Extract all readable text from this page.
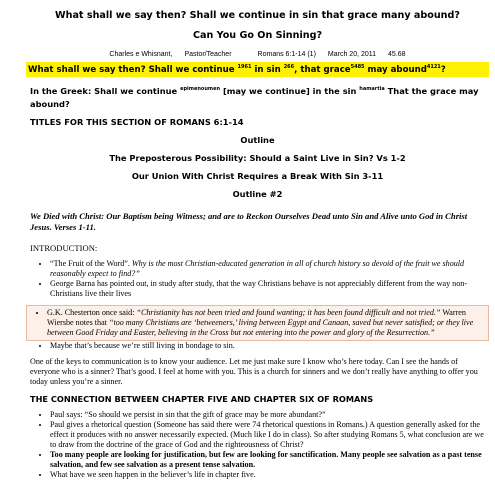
What shall we say then? Shall we continue in sin that grace many abound?
Can You Go On Sinning?
Charles e Whisnant, Pastor/Teacher	Romans 6:1-14 (1) March 20, 2011 45.68
What shall we say then? Shall we continue $^{1961}$ in sin $^{266}$, that grace$^{5485}$ may abound$^{4121}$?
In the Greek: Shall we continue $^{epimenoumen}$ [may we continue] in the sin $^{hamartia}$ That the grace may abound?
TITLES FOR THIS SECTION OF ROMANS 6:1-14
Outline
The Preposterous Possibility: Should a Saint Live in Sin? Vs 1-2
Our Union With Christ Requires a Break With Sin 3-11
Outline #2
We Died with Christ: Our Baptism being Witness; and are to Reckon Ourselves Dead unto Sin and Alive unto God in Christ Jesus. Verses 1-11.
INTRODUCTION:
• “The Fruit of the Word”. Why is the most Christian-educated generation in all of church history so devoid of the fruit we should reasonably expect to find?”
• George Barna has pointed out, in study after study, that the way Christians behave is not appreciably different from the way non-Christians live their lives
• G.K. Chesterton once said: “Christianity has not been tried and found wanting; it has been found difficult and not tried.” Warren Wiersbe notes that “too many Christians are ‘betweeners,’ living between Egypt and Canaan, saved but never satisfied; or they live between Good Friday and Easter, believing in the Cross but not entering into the power and glory of the Resurrection.”
• Maybe that’s because we’re still living in bondage to sin.
One of the keys to communication is to know your audience. Let me just make sure I know who’s here today. Can I see the hands of everyone who is a sinner? That’s good. I feel at home with you. This is a church for sinners and we don’t really have anything to offer you today unless you’re a sinner.
THE CONNECTION BETWEEN CHAPTER FIVE AND CHAPTER SIX OF ROMANS
• Paul says: “So should we persist in sin that the gift of grace may be more abundant?”
• Paul gives a rhetorical question (Someone has said there were 74 rhetorical questions in Romans.) A question generally asked for the effect it produces with no answer necessarily expected. (Much like I do in class). So after studying Romans 5, what conclusion are we to draw from the doctrine of the grace of God and the righteousness of Christ?
• Too many people are looking for justification, but few are looking for sanctification. Many people see salvation as a past tense salvation, and few see salvation as a present tense salvation.
• What have we seen happen in the believer’s life in chapter five.
